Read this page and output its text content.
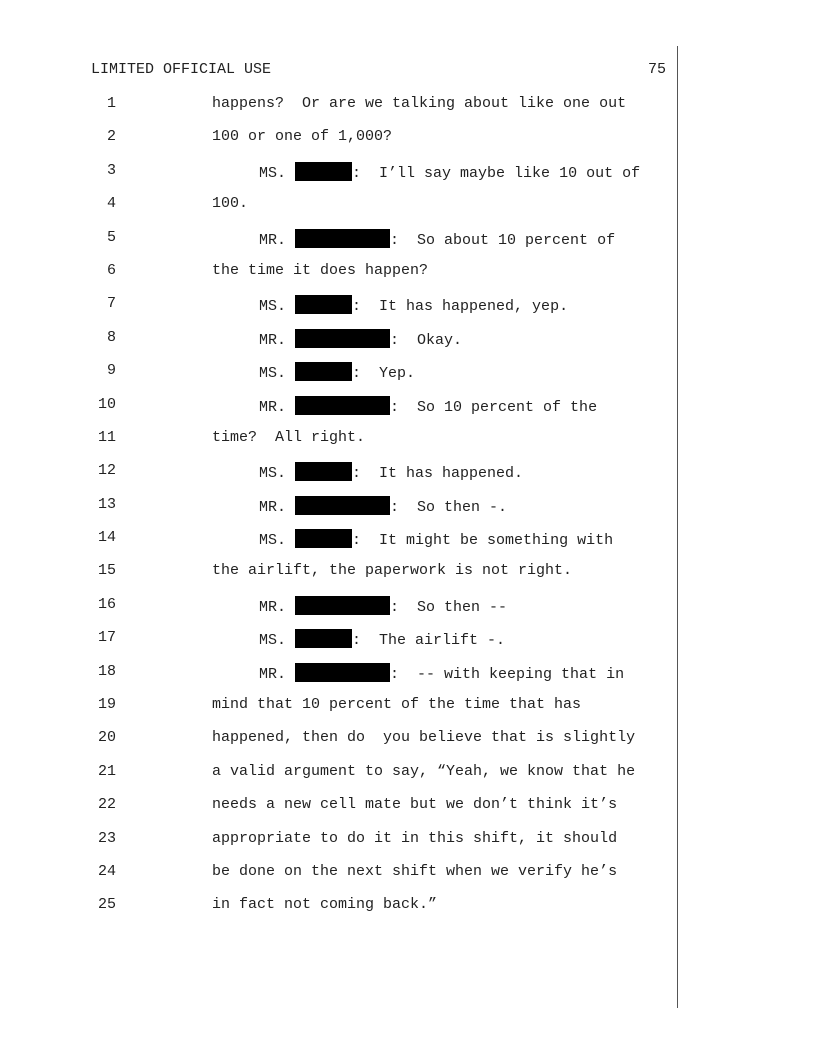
LIMITED OFFICIAL USE	75
1	happens?  Or are we talking about like one out
2	100 or one of 1,000?
3	MS.	:  I’ll say maybe like 10 out of
4	100.
5	MR.	:  So about 10 percent of
6	the time it does happen?
7	MS.	:  It has happened, yep.
8	MR.	:  Okay.
9	MS.	:  Yep.
10	MR.	:  So 10 percent of the
11	time?  All right.
12	MS.	:  It has happened.
13	MR.	:  So then -.
14	MS.	:  It might be something with
15	the airlift, the paperwork is not right.
16	MR.	:  So then --
17	MS.	:  The airlift -.
18	MR.	:  -- with keeping that in
19	mind that 10 percent of the time that has
20	happened, then do  you believe that is slightly
21	a valid argument to say, “Yeah, we know that he
22	needs a new cell mate but we don’t think it’s
23	appropriate to do it in this shift, it should
24	be done on the next shift when we verify he’s
25	in fact not coming back.”
